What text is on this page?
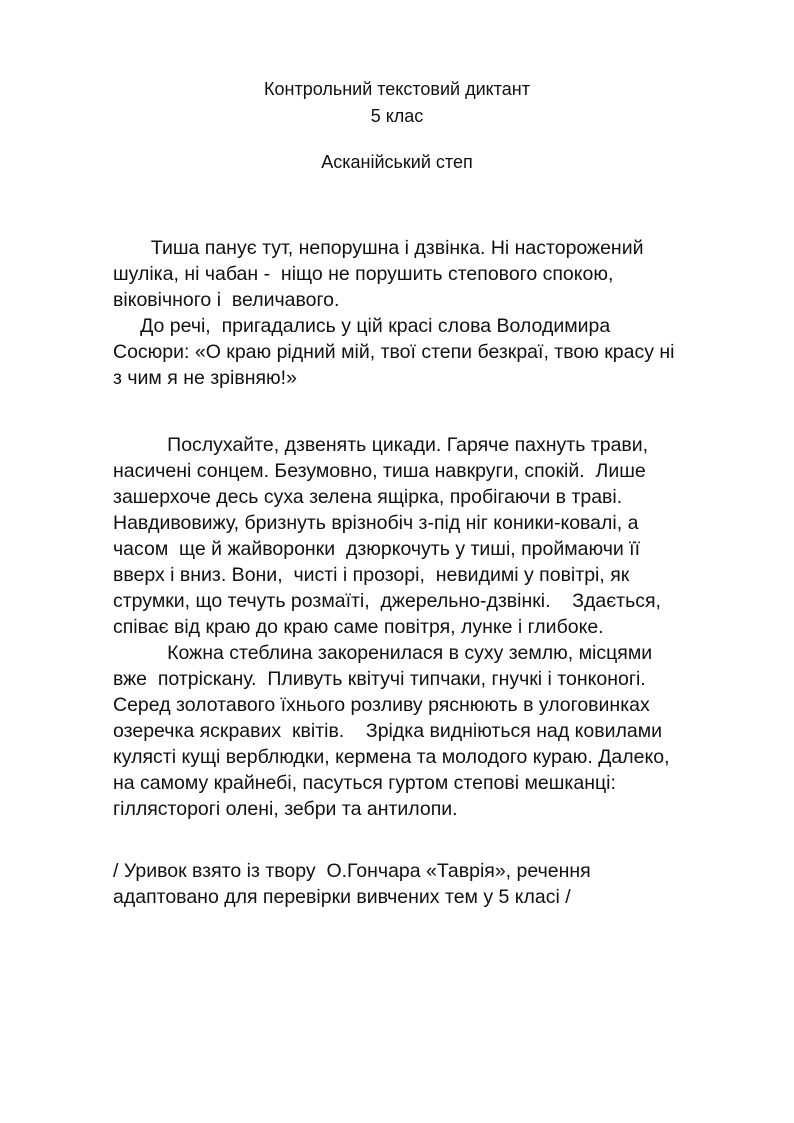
Контрольний текстовий диктант
5 клас
Асканійський степ
Тиша панує тут, непорушна і дзвінка. Ні насторожений
шуліка, ні чабан -  ніщо не порушить степового спокою,
віковічного і  величавого.
До речі,  пригадались у цій красі слова Володимира
Сосюри: «О краю рідний мій, твої степи безкраї, твою красу ні
з чим я не зрівняю!»
Послухайте, дзвенять цикади. Гаряче пахнуть трави,
насичені сонцем. Безумовно, тиша навкруги, спокій.  Лише
зашерхоче десь суха зелена ящірка, пробігаючи в траві.
Навдивовижу, бризнуть врізнобіч з-під ніг коники-ковалі, а
часом  ще й жайворонки  дзюркочуть у тиші, проймаючи її
вверх і вниз. Вони,  чисті і прозорі,  невидимі у повітрі, як
струмки, що течуть розмаїті,  джерельно-дзвінкі.    Здається,
співає від краю до краю саме повітря, лунке і глибоке.
Кожна стеблина закоренилася в суху землю, місцями
вже  потріскану.  Пливуть квітучі типчаки, гнучкі і тонконогі.
Серед золотавого їхнього розливу ряснюють в улоговинках
озеречка яскравих  квітів.    Зрідка видніються над ковилами
кулясті кущі верблюдки, кермена та молодого кураю. Далеко,
на самому крайнебі, пасуться гуртом степові мешканці:
гіллясторогі олені, зебри та антилопи.
/ Уривок взято із твору  О.Гончара «Таврія», речення
адаптовано для перевірки вивчених тем у 5 класі /
